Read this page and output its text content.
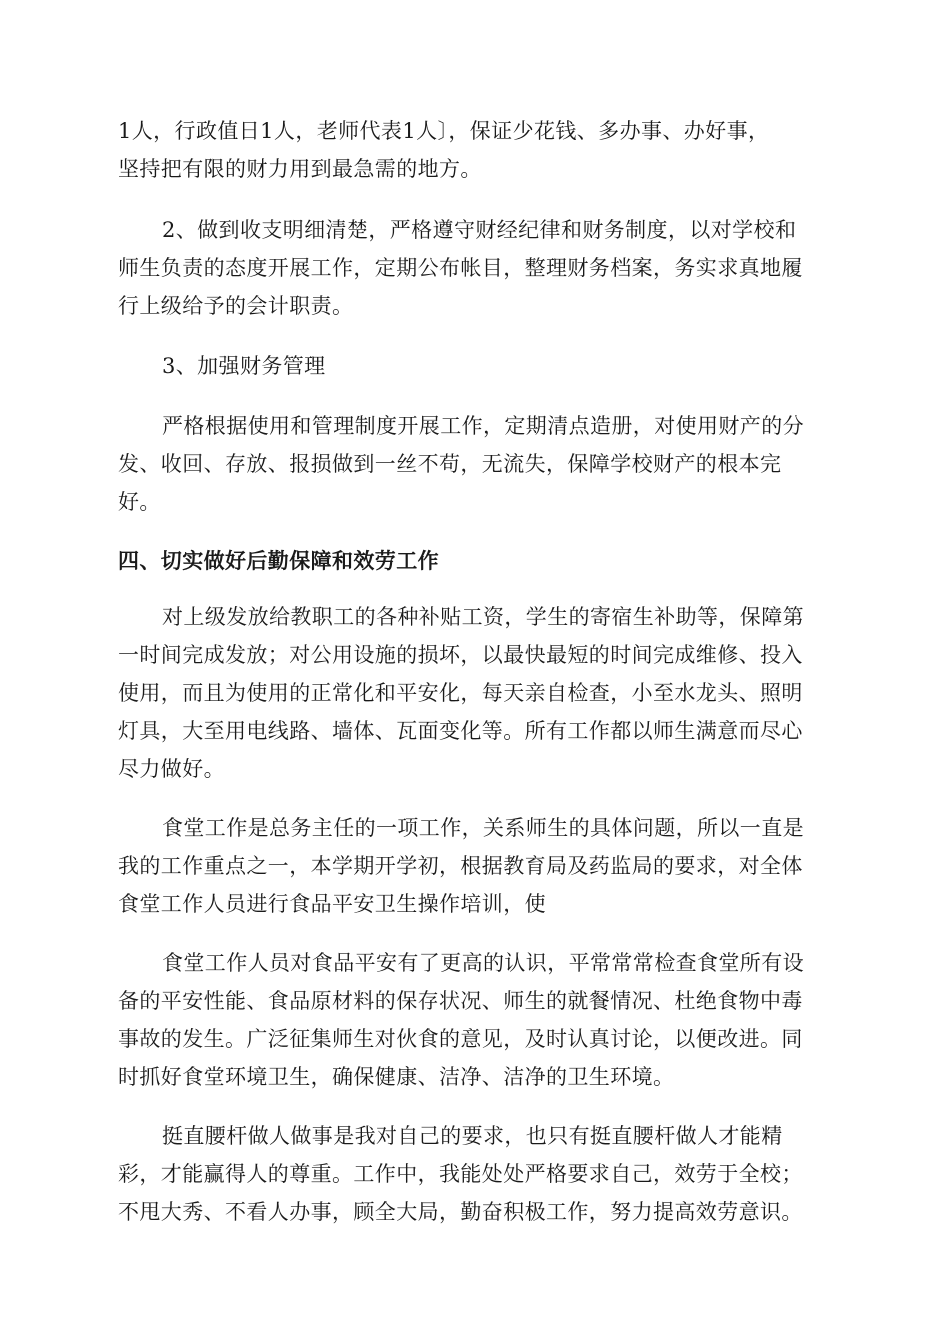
1人，行政值日1人，老师代表1人〕，保证少花钱、多办事、办好事，
坚持把有限的财力用到最急需的地方。
2、做到收支明细清楚，严格遵守财经纪律和财务制度，以对学校和
师生负责的态度开展工作，定期公布帐目，整理财务档案，务实求真地履
行上级给予的会计职责。
3、加强财务管理
严格根据使用和管理制度开展工作，定期清点造册，对使用财产的分
发、收回、存放、报损做到一丝不苟，无流失，保障学校财产的根本完
好。
四、切实做好后勤保障和效劳工作
对上级发放给教职工的各种补贴工资，学生的寄宿生补助等，保障第
一时间完成发放；对公用设施的损坏，以最快最短的时间完成维修、投入
使用，而且为使用的正常化和平安化，每天亲自检查，小至水龙头、照明
灯具，大至用电线路、墙体、瓦面变化等。所有工作都以师生满意而尽心
尽力做好。
食堂工作是总务主任的一项工作，关系师生的具体问题，所以一直是
我的工作重点之一，本学期开学初，根据教育局及药监局的要求，对全体
食堂工作人员进行食品平安卫生操作培训，使
食堂工作人员对食品平安有了更高的认识，平常常常检查食堂所有设
备的平安性能、食品原材料的保存状况、师生的就餐情况、杜绝食物中毒
事故的发生。广泛征集师生对伙食的意见，及时认真讨论，以便改进。同
时抓好食堂环境卫生，确保健康、洁净、洁净的卫生环境。
挺直腰杆做人做事是我对自己的要求，也只有挺直腰杆做人才能精
彩，才能赢得人的尊重。工作中，我能处处严格要求自己，效劳于全校；
不甩大秀、不看人办事，顾全大局，勤奋积极工作，努力提高效劳意识。
